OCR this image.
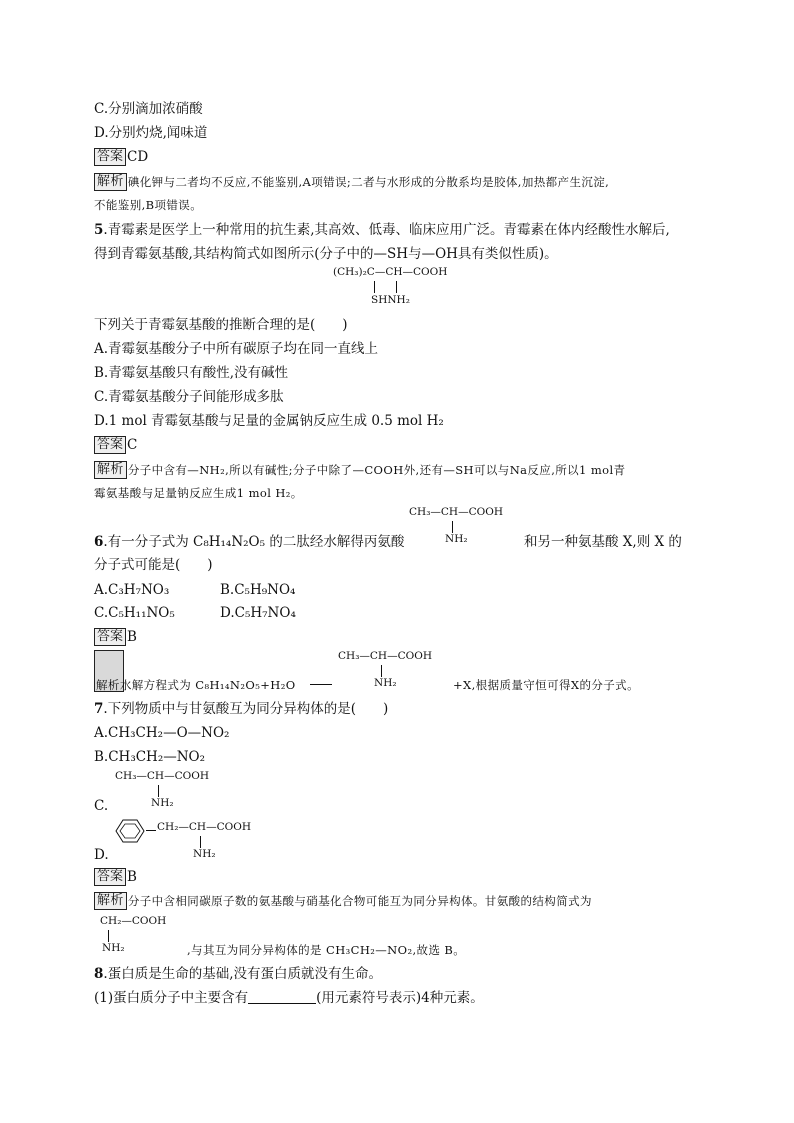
C.分别滴加浓硝酸
D.分别灼烧,闻味道
答案 CD
解析 碘化钾与二者均不反应,不能鉴别,A项错误;二者与水形成的分散系均是胶体,加热都产生沉淀,
不能鉴别,B项错误。
5.青霉素是医学上一种常用的抗生素,其高效、低毒、临床应用广泛。青霉素在体内经酸性水解后,
得到青霉氨基酸,其结构简式如图所示(分子中的—SH与—OH具有类似性质)。
(CH₃)₂C—CH—COOH
SHNH₂
下列关于青霉氨基酸的推断合理的是(　　)
A.青霉氨基酸分子中所有碳原子均在同一直线上
B.青霉氨基酸只有酸性,没有碱性
C.青霉氨基酸分子间能形成多肽
D.1 mol 青霉氨基酸与足量的金属钠反应生成 0.5 mol H₂
答案 C
解析 分子中含有—NH₂,所以有碱性;分子中除了—COOH外,还有—SH可以与Na反应,所以1 mol青
霉氨基酸与足量钠反应生成1 mol H₂。
CH₃—CH—COOH
NH₂
6.有一分子式为 C₈H₁₄N₂O₅ 的二肽经水解得丙氨酸	和另一种氨基酸 X,则 X 的
分子式可能是(　　)
A.C₃H₇NO₃	B.C₅H₉NO₄
C.C₅H₁₁NO₅	D.C₅H₇NO₄
答案 B
解析水解方程式为 C₈H₁₄N₂O₅+H₂O
CH₃—CH—COOH
NH₂	+X,根据质量守恒可得X的分子式。
7.下列物质中与甘氨酸互为同分异构体的是(　　)
A.CH₃CH₂—O—NO₂
B.CH₃CH₂—NO₂
CH₃—CH—COOH
NH₂
C.
CH₂—CH—COOH
NH₂
D.
答案 B
解析 分子中含相同碳原子数的氨基酸与硝基化合物可能互为同分异构体。甘氨酸的结构简式为
CH₂—COOH
NH₂	,与其互为同分异构体的是 CH₃CH₂—NO₂,故选 B。
8.蛋白质是生命的基础,没有蛋白质就没有生命。
(1)蛋白质分子中主要含有	(用元素符号表示)4种元素。
